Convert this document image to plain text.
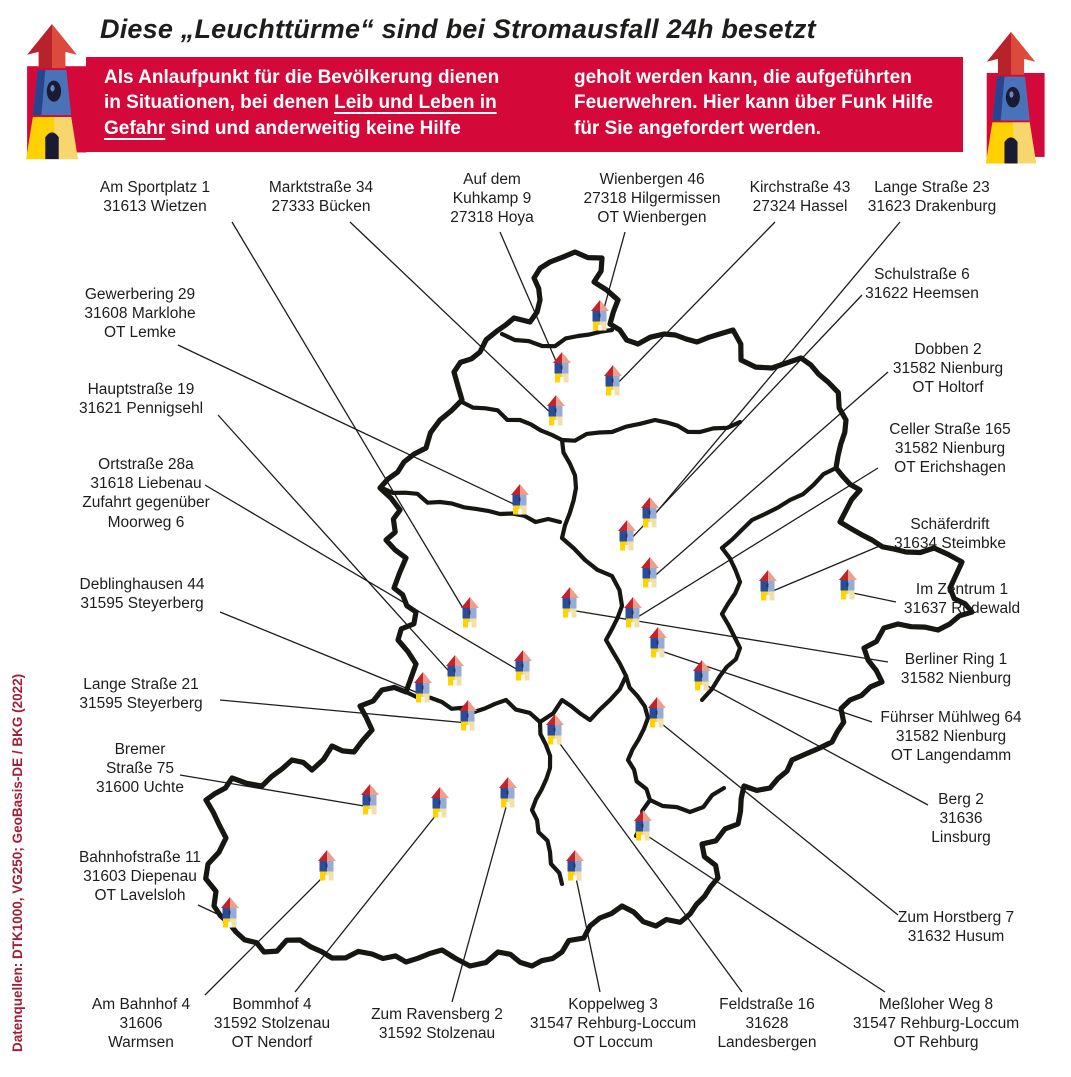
Diese „Leuchttürme“ sind bei Stromausfall 24h besetzt
Als Anlaufpunkt für die Bevölkerung dienen
in Situationen, bei denen Leib und Leben in
Gefahr sind und anderweitig keine Hilfe
geholt werden kann, die aufgeführten
Feuerwehren. Hier kann über Funk Hilfe
für Sie angefordert werden.
Am Sportplatz 1
31613 Wietzen
Marktstraße 34
27333 Bücken
Auf dem
Kuhkamp 9
27318 Hoya
Wienbergen 46
27318 Hilgermissen
OT Wienbergen
Kirchstraße 43
27324 Hassel
Lange Straße 23
31623 Drakenburg
Schulstraße 6
31622 Heemsen
Gewerbering 29
31608 Marklohe
OT Lemke
Dobben 2
31582 Nienburg
OT Holtorf
Hauptstraße 19
31621 Pennigsehl
Celler Straße 165
31582 Nienburg
OT Erichshagen
Ortstraße 28a
31618 Liebenau
Zufahrt gegenüber
Moorweg 6	Schäferdrift
31634 Steimbke
Im Zentrum 1
31637 Rodewald
Deblinghausen 44
31595 Steyerberg
Berliner Ring 1
31582 Nienburg
Lange Straße 21
31595 Steyerberg
Führser Mühlweg 64
31582 Nienburg
OT Langendamm
Bremer
Straße 75
31600 Uchte
Berg 2
31636
Linsburg
Bahnhofstraße 11
31603 Diepenau
OT Lavelsloh
Zum Horstberg 7
31632 Husum
Am Bahnhof 4
31606
Warmsen
Bommhof 4
31592 Stolzenau
OT Nendorf
Zum Ravensberg 2
31592 Stolzenau
Koppelweg 3
31547 Rehburg-Loccum
OT Loccum
Feldstraße 16
31628
Landesbergen
Meßloher Weg 8
31547 Rehburg-Loccum
OT Rehburg
Datenquellen: DTK1000, VG250; GeoBasis-DE / BKG (2022)
